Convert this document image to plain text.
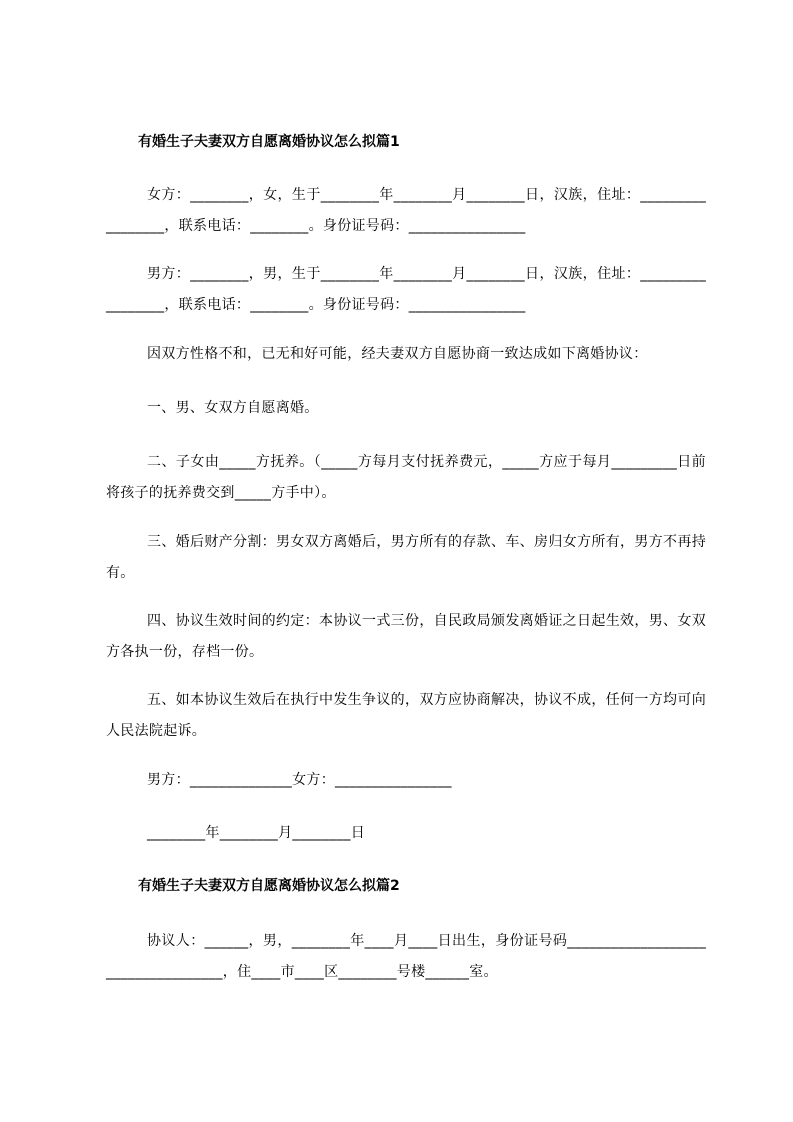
有婚生子夫妻双方自愿离婚协议怎么拟篇1
女方：________，女，生于________年________月________日，汉族，住址：_________________，联系电话：________。身份证号码：________________
男方：________，男，生于________年________月________日，汉族，住址：_________________，联系电话：________。身份证号码：________________
因双方性格不和，已无和好可能，经夫妻双方自愿协商一致达成如下离婚协议：
一、男、女双方自愿离婚。
二、子女由_____方抚养。（_____方每月支付抚养费元，_____方应于每月_________日前将孩子的抚养费交到_____方手中）。
三、婚后财产分割：男女双方离婚后，男方所有的存款、车、房归女方所有，男方不再持有。
四、协议生效时间的约定：本协议一式三份，自民政局颁发离婚证之日起生效，男、女双方各执一份，存档一份。
五、如本协议生效后在执行中发生争议的，双方应协商解决，协议不成，任何一方均可向人民法院起诉。
男方：______________女方：________________
________年________月________日
有婚生子夫妻双方自愿离婚协议怎么拟篇2
协议人：______，男，________年____月____日出生，身份证号码___________________________________，住____市____区________号楼______室。
